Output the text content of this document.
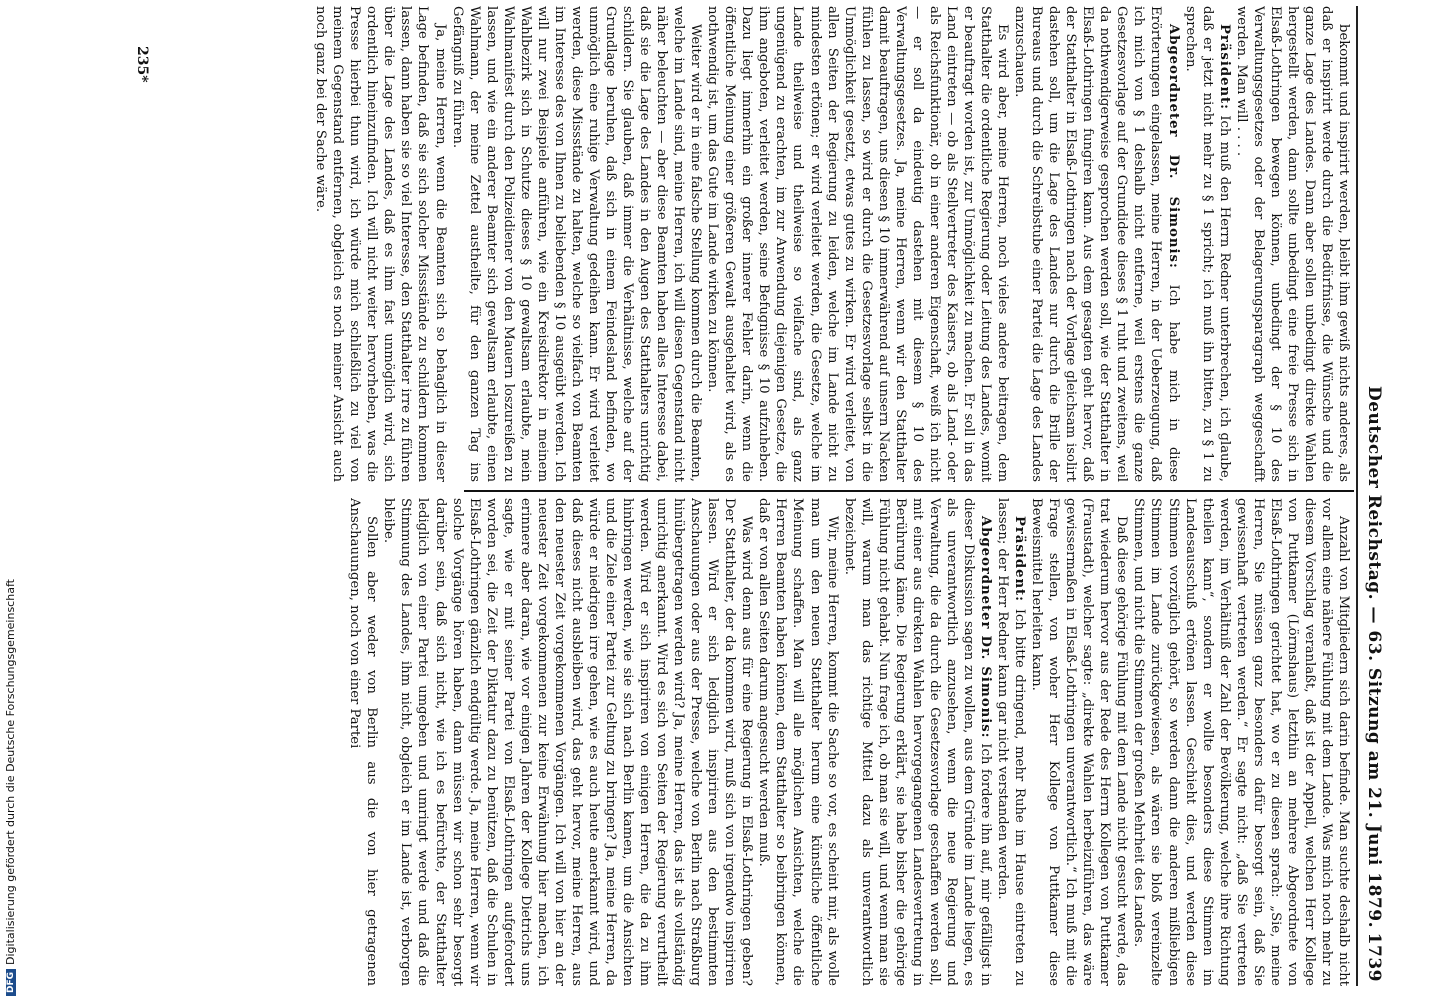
Deutscher Reichstag. — 63. Sitzung am 21. Juni 1879.
1739

bekommt und inspirirt werden, bleibt ihm gewiß nichts anderes, als daß er inspirirt werde durch die Bedürfnisse, die Wünsche und die ganze Lage des Landes. Dann aber sollen unbedingt direkte Wahlen hergestellt werden, dann sollte unbedingt eine freie Presse sich in Elsaß-Lothringen bewegen können, unbedingt der § 10 des Verwaltungsgesetzes oder der Belagerungsparagraph weggeschafft werden. Man will . . . .

Präsident: Ich muß den Herrn Redner unterbrechen, ich glaube, daß er jetzt nicht mehr zu § 1 spricht; ich muß ihn bitten, zu § 1 zu sprechen.

Abgeordneter Dr. Simonis: Ich habe mich in diese Erörterungen eingelassen, meine Herren, in der Ueberzeugung, daß ich mich von § 1 deshalb nicht entferne, weil erstens die ganze Gesetzesvorlage auf der Grundidee dieses § 1 ruht und zweitens, weil da nothwendigerweise gesprochen werden soll, wie der Statthalter in Elsaß-Lothringen fungiren kann. Aus dem gesagten geht hervor, daß der Statthalter in Elsaß-Lothringen nach der Vorlage gleichsam isolirt dastehen soll, um die Lage des Landes nur durch die Brille der Bureaus und durch die Schreibstube einer Partei die Lage des Landes anzuschauen.

Es wird aber, meine Herren, noch vieles andere beitragen, dem Statthalter die ordentliche Regierung oder Leitung des Landes, womit er beauftragt worden ist, zur Unmöglichkeit zu machen. Er soll in das Land eintreten — ob als Stellvertreter des Kaisers, ob als Land- oder als Reichsfunktionär, ob in einer anderen Eigenschaft, weiß ich nicht — er soll da eindeutig dastehen mit diesem § 10 des Verwaltungsgesetzes. Ja, meine Herren, wenn wir den Statthalter damit beauftragen, uns diesen § 10 immerwährend auf unsern Nacken fühlen zu lassen, so wird er durch die Gesetzesvorlage selbst in die Unmöglichkeit gesetzt, etwas gutes zu wirken. Er wird verleitet, von allen Seiten der Regierung zu leiden, welche im Lande nicht zu mindesten ertönen; er wird verleitet werden, die Gesetze, welche im Lande theilweise und theilweise so vielfache sind, als ganz ungenügend zu erachten, im zur Anwendung diejenigen Gesetze, die ihm angeboten, verleitet werden, seine Befugnisse § 10 aufzuheben. Dazu liegt immerhin ein großer innerer Fehler darin, wenn die öffentliche Meinung einer größeren Gewalt ausgehaltet wird, als es nothwendig ist, um das Gute im Lande wirken zu können.

Weiter wird er in eine falsche Stellung kommen durch die Beamten, welche im Lande sind, meine Herren, ich will diesen Gegenstand nicht näher beleuchten — aber diese Beamten haben alles Interesse dabei, daß sie die Lage des Landes in den Augen des Statthalters unrichtig schildern. Sie glauben, daß immer die Verhältnisse, welche auf der Grundlage beruhen, daß sich in einem Feindesland befinden, wo unmöglich eine ruhige Verwaltung gedeihen kann. Er wird verleitet werden, diese Missstände zu halten, welche so vielfach von Beamten im Interesse des von Ihnen zu beliebenden § 10 ausgeübt werden. Ich will nur zwei Beispiele anführen, wie ein Kreisdirektor in meinem Wahlbezirk sich in Schutze dieses § 10 gewaltsam erlaubte, mein Wahlmanifest durch den Polizeidiener von den Mauern loszureißen zu lassen, und wie ein anderer Beamter sich gewaltsam erlaubte, einen Wahlmann, der meine Zettel austheilte, für den ganzen Tag ins Gefängniß zu führen.

Ja, meine Herren, wenn die Beamten sich so behaglich in dieser Lage befinden, daß sie sich solcher Missstände zu schildern kommen lassen, dann haben sie so viel Interesse, den Statthalter irre zu führen über die Lage des Landes, daß es ihm fast unmöglich wird, sich ordentlich hineinzufinden. Ich will nicht weiter hervorheben, was die Presse hierbei thun wird, ich würde mich schließlich zu viel von meinem Gegenstand entfernen, obgleich es noch meiner Ansicht auch noch ganz bei der Sache wäre.

Anzahl von Mitgliedern sich darin befinde. Man suchte deshalb nicht vor allem eine nähere Fühlung mit dem Lande. Was mich noch mehr zu diesem Vorschlag veranlaßt, daß ist der Appell, welchen Herr Kollege von Puttkamer (Lörmshaus) letzthin an mehrere Abgeordnete von Elsaß-Lothringen gerichtet hat, wo er zu diesen sprach: „Sie, meine Herren, Sie müssen ganz besonders dafür besorgt sein, daß Sie gewissenhaft vertreten werden.“ Er sagte nicht: „daß Sie vertreten werden, im Verhältniß der Zahl der Bevölkerung, welche ihre Richtung theilen kann“, sondern er wollte besonders diese Stimmen im Landesausschuß ertönen lassen. Geschieht dies, und werden diese Stimmen vorzüglich gehört, so werden dann die anderen mißliebigen Stimmen im Lande zurückgewiesen, als wären sie bloß vereinzelte Stimmen, und nicht die Stimmen der großen Mehrheit des Landes.

Daß diese gehörige Fühlung mit dem Lande nicht gesucht werde, das trat wiederum hervor aus der Rede des Herrn Kollegen von Puttkamer (Fraustadt), welcher sagte: „direkte Wahlen herbeizuführen, das wäre gewissermaßen in Elsaß-Lothringen unverantwortlich.“ Ich muß mit die Frage stellen, von woher Herr Kollege von Puttkamer diese Beweismittel herleiten kann.

Präsident: Ich bitte dringend, mehr Ruhe im Hause eintreten zu lassen; der Herr Redner kann gar nicht verstanden werden.

Abgeordneter Dr. Simonis: Ich fordere ihn auf, mir gefälligst in dieser Diskussion sagen zu wollen, aus dem Gründe im Lande liegen, es als unverantwortlich anzusehen, wenn die neue Regierung und Verwaltung, die da durch die Gesetzesvorlage geschaffen werden soll, mit einer aus direkten Wahlen hervorgegangenen Landesvertretung in Berührung käme. Die Regierung erklärt, sie habe bisher die gehörige Fühlung nicht gehabt. Nun frage ich, ob man sie will, und wenn man sie will, warum man das richtige Mittel dazu als unverantwortlich bezeichnet.

Wir, meine Herren, kommt die Sache so vor, es scheint mir, als wolle man um den neuen Statthalter herum eine künstliche öffentliche Meinung schaffen. Man will alle möglichen Ansichten, welche die Herren Beamten haben können, dem Statthalter so beibringen können, daß er von allen Seiten darum angesucht werden muß.

Was wird denn aus für eine Regierung in Elsaß-Lothringen geben? Der Statthalter, der da kommen wird, muß sich von irgendwo inspiriren lassen. Wird er sich lediglich inspiriren aus den bestimmten Anschauungen oder aus der Presse, welche von Berlin nach Straßburg hinübergetragen werden wird? Ja, meine Herren, das ist als vollständig unrichtig anerkannt. Wird es sich von Seiten der Regierung verurtheilt werden. Wird er sich inspiriren von einigen Herren, die da zu ihm hinbringen werden, wie sie sich nach Berlin kamen, um die Ansichten und die Ziele einer Partei zur Geltung zu bringen? Ja, meine Herren, da würde er niedrigen irre gehen, wie es auch heute anerkannt wird, und daß dieses nicht ausbleiben wird, das geht hervor, meine Herren, aus den neuester Zeit vorgekommenen Vorgängen. Ich will von hier an der neuester Zeit vorgekommenen zur keine Erwähnung hier machen, ich erinnere aber daran, wie vor einigen Jahren der Kollege Dietrichs uns sagte, wie er mit seiner Partei von Elsaß-Lothringen aufgefordert worden sei, die Zeit der Diktatur dazu zu benützen, daß die Schulen in Elsaß-Lothringen gänzlich endgültig werde. Ja, meine Herren, wenn wir solche Vorgänge hören haben, dann müssen wir schon sehr besorgt darüber sein, daß sich nicht, wie ich es befürchte, der Statthalter lediglich von einer Partei umgeben und umringt werde und daß die Stimmung des Landes, ihm nicht, obgleich er im Lande ist, verborgen bleibe.

Sollen aber weder von Berlin aus die von hier getragenen Anschauungen, noch von einer Partei

235*
DFGDigitalisierung gefördert durch die Deutsche Forschungsgemeinschaft
